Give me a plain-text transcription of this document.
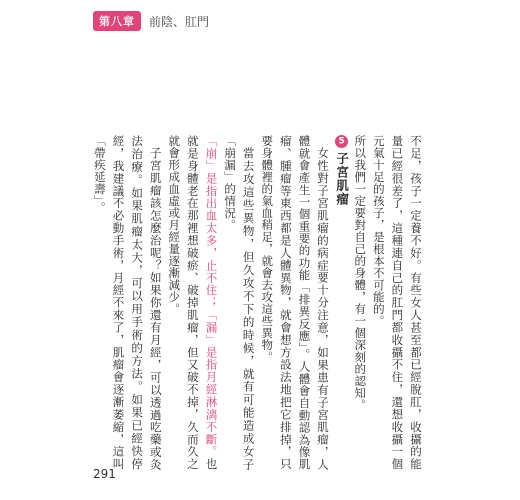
第八章	前陰、肛門

不足，孩子一定養不好。有些女人甚至都已經脫肛，收攝的能量已經很差了，這種連自己的肛門都收攝不住，還想收攝一個元氣十足的孩子，是根本不可能的。

所以我們一定要對自己的身體，有一個深刻的認知。

5子宮肌瘤

女性對子宮肌瘤的病症要十分注意，如果患有子宮肌瘤，人體就會產生一個重要的功能「排異反應」。人體會自動認為像肌瘤、腫瘤等東西都是人體異物，就會想方設法地把它排掉，只要身體裡的氣血稍足，就會去攻這些異物。

當去攻這些異物，但久攻不下的時候，就有可能造成女子「崩漏」的情況。

「崩」是指出血太多，止不住；「漏」是指月經淋漓不斷。也就是身體老在那裡想破瘀、破掉肌瘤，但又破不掉，久而久之就會形成血虛或月經量逐漸減少。

子宮肌瘤該怎麼治呢？如果你還有月經，可以透過吃藥或灸法治療。如果肌瘤太大，可以用手術的方法。如果已經快停經，我建議不必動手術，月經不來了，肌瘤會逐漸萎縮，這叫「帶疾延壽」。

291
